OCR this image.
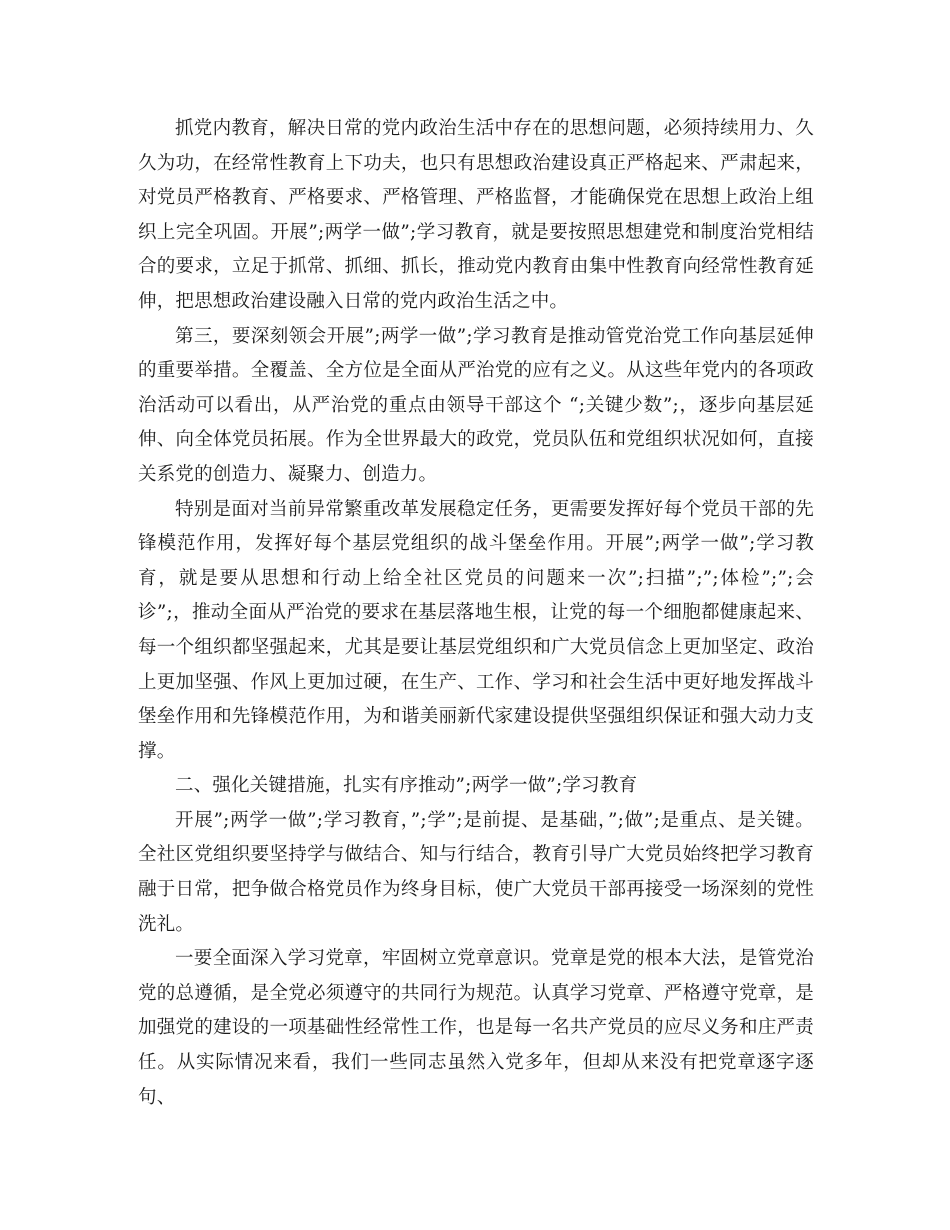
抓党内教育，解决日常的党内政治生活中存在的思想问题，必须持续用力、久久为功，在经常性教育上下功夫，也只有思想政治建设真正严格起来、严肃起来，对党员严格教育、严格要求、严格管理、严格监督，才能确保党在思想上政治上组织上完全巩固。开展”;两学一做”;学习教育，就是要按照思想建党和制度治党相结合的要求，立足于抓常、抓细、抓长，推动党内教育由集中性教育向经常性教育延伸，把思想政治建设融入日常的党内政治生活之中。

第三，要深刻领会开展”;两学一做”;学习教育是推动管党治党工作向基层延伸的重要举措。全覆盖、全方位是全面从严治党的应有之义。从这些年党内的各项政治活动可以看出，从严治党的重点由领导干部这个 “;关键少数”;，逐步向基层延伸、向全体党员拓展。作为全世界最大的政党，党员队伍和党组织状况如何，直接关系党的创造力、凝聚力、创造力。

特别是面对当前异常繁重改革发展稳定任务，更需要发挥好每个党员干部的先锋模范作用，发挥好每个基层党组织的战斗堡垒作用。开展”;两学一做”;学习教育，就是要从思想和行动上给全社区党员的问题来一次”;扫描”;”;体检”;”;会诊”;，推动全面从严治党的要求在基层落地生根，让党的每一个细胞都健康起来、每一个组织都坚强起来，尤其是要让基层党组织和广大党员信念上更加坚定、政治上更加坚强、作风上更加过硬，在生产、工作、学习和社会生活中更好地发挥战斗堡垒作用和先锋模范作用，为和谐美丽新代家建设提供坚强组织保证和强大动力支撑。

二、强化关键措施，扎实有序推动”;两学一做”;学习教育

开展”;两学一做”;学习教育，”;学”;是前提、是基础，”;做”;是重点、是关键。全社区党组织要坚持学与做结合、知与行结合，教育引导广大党员始终把学习教育融于日常，把争做合格党员作为终身目标，使广大党员干部再接受一场深刻的党性洗礼。

一要全面深入学习党章，牢固树立党章意识。党章是党的根本大法，是管党治党的总遵循，是全党必须遵守的共同行为规范。认真学习党章、严格遵守党章，是加强党的建设的一项基础性经常性工作，也是每一名共产党员的应尽义务和庄严责任。从实际情况来看，我们一些同志虽然入党多年，但却从来没有把党章逐字逐句、
